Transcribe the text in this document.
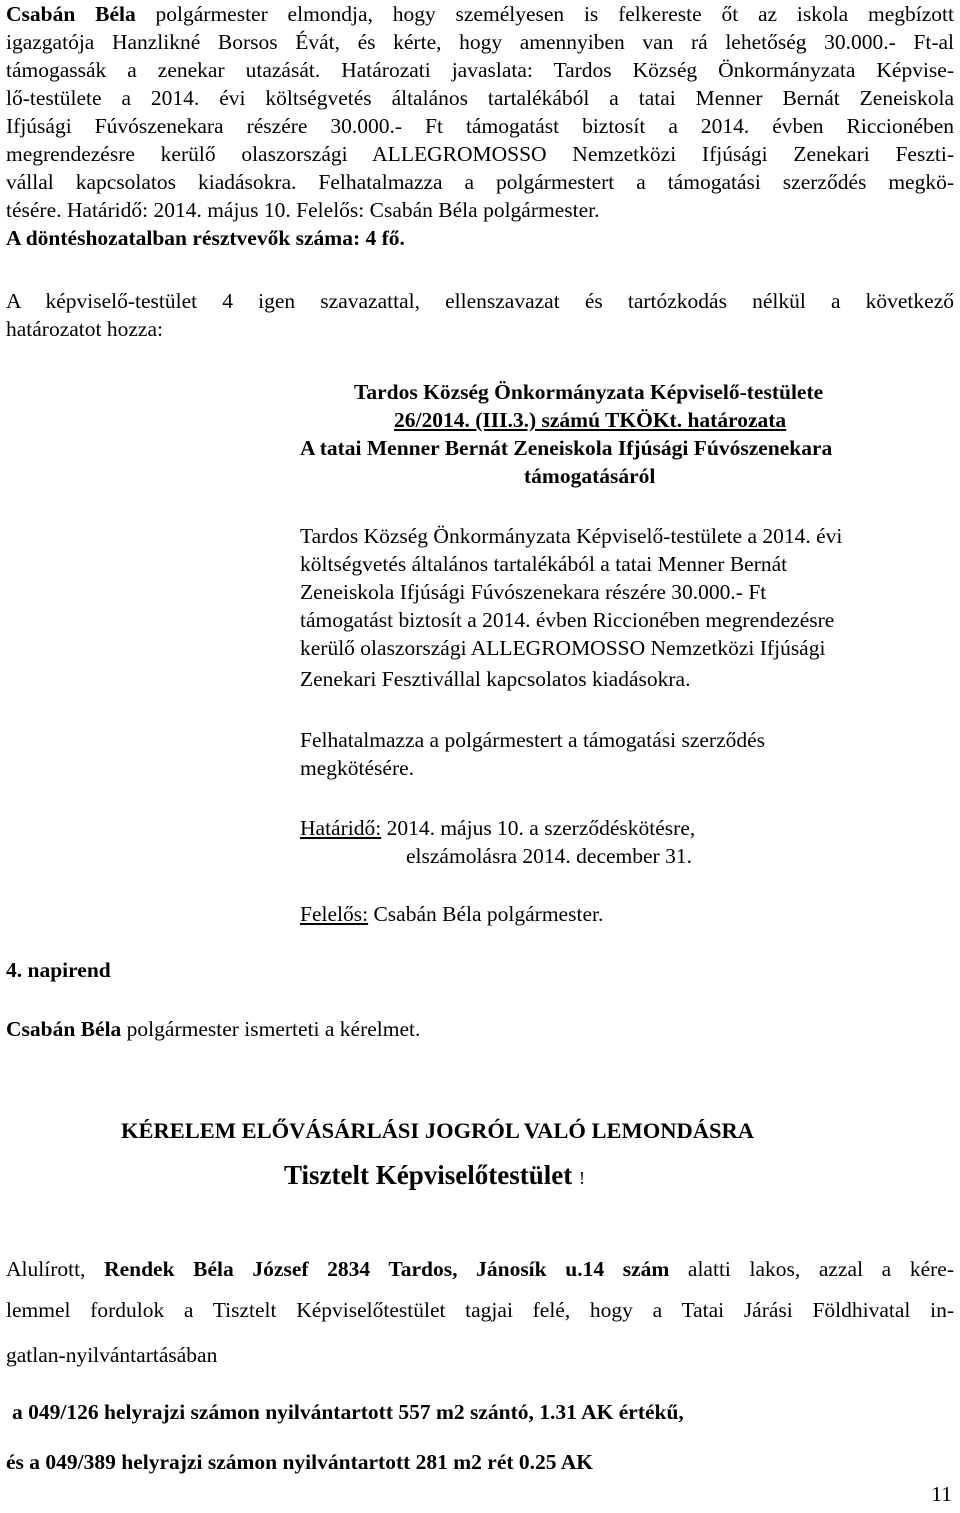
Csabán Béla polgármester elmondja, hogy személyesen is felkereste őt az iskola megbízott
igazgatója Hanzlikné Borsos Évát, és kérte, hogy amennyiben van rá lehetőség 30.000.- Ft-al
támogassák a zenekar utazását. Határozati javaslata: Tardos Község Önkormányzata Képvise-
lő-testülete a 2014. évi költségvetés általános tartalékából a tatai Menner Bernát Zeneiskola
Ifjúsági Fúvószenekara részére 30.000.- Ft támogatást biztosít a 2014. évben Riccionében
megrendezésre kerülő olaszországi ALLEGROMOSSO Nemzetközi Ifjúsági Zenekari Feszti-
vállal kapcsolatos kiadásokra. Felhatalmazza a polgármestert a támogatási szerződés megkö-
tésére. Határidő: 2014. május 10. Felelős: Csabán Béla polgármester.
A döntéshozatalban résztvevők száma: 4 fő.
A képviselő-testület 4 igen szavazattal, ellenszavazat és tartózkodás nélkül a következő
határozatot hozza:
Tardos Község Önkormányzata Képviselő-testülete
26/2014. (III.3.) számú TKÖKt. határozata
A tatai Menner Bernát Zeneiskola Ifjúsági Fúvószenekara
támogatásáról
Tardos Község Önkormányzata Képviselő-testülete a 2014. évi
költségvetés általános tartalékából a tatai Menner Bernát
Zeneiskola Ifjúsági Fúvószenekara részére 30.000.- Ft
támogatást biztosít a 2014. évben Riccionében megrendezésre
kerülő olaszországi ALLEGROMOSSO Nemzetközi Ifjúsági
Zenekari Fesztivállal kapcsolatos kiadásokra.
Felhatalmazza a polgármestert a támogatási szerződés
megkötésére.
Határidő: 2014. május 10. a szerződéskötésre,
elszámolásra 2014. december 31.
Felelős: Csabán Béla polgármester.
4. napirend
Csabán Béla polgármester ismerteti a kérelmet.
KÉRELEM ELŐVÁSÁRLÁSI JOGRÓL VALÓ LEMONDÁSRA
Tisztelt Képviselőtestület !
Alulírott, Rendek Béla József 2834 Tardos, Jánosík u.14 szám alatti lakos, azzal a kére-
lemmel fordulok a Tisztelt Képviselőtestület tagjai felé, hogy a Tatai Járási Földhivatal in-
gatlan-nyilvántartásában
a 049/126 helyrajzi számon nyilvántartott 557 m2 szántó, 1.31 AK értékű,
és a 049/389 helyrajzi számon nyilvántartott 281 m2 rét 0.25 AK
11
